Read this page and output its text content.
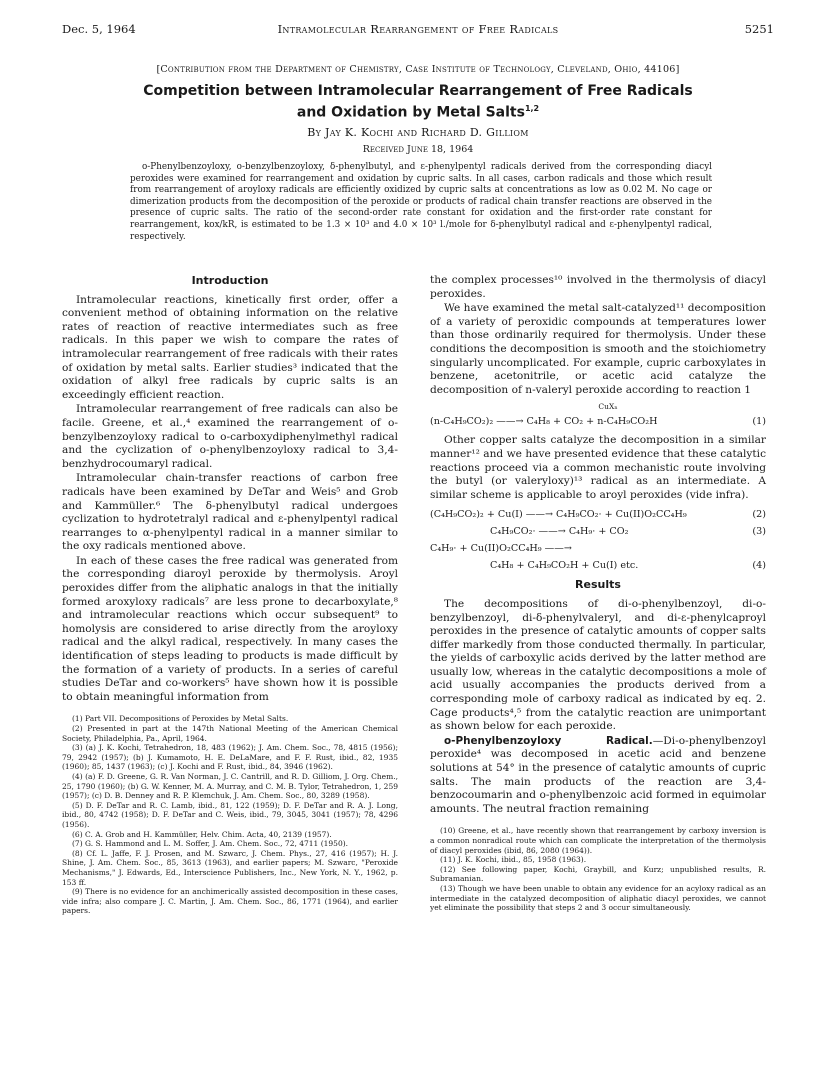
Dec. 5, 1964	Intramolecular Rearrangement of Free Radicals	5251
[Contribution from the Department of Chemistry, Case Institute of Technology, Cleveland, Ohio, 44106]
Competition between Intramolecular Rearrangement of Free Radicals
and Oxidation by Metal Salts$^{1,2}$
By Jay K. Kochi and Richard D. Gilliom
Received June 18, 1964
o-Phenylbenzoyloxy, o-benzylbenzoyloxy, δ-phenylbutyl, and ε-phenylpentyl radicals derived from the corresponding diacyl peroxides were examined for rearrangement and oxidation by cupric salts. In all cases, carbon radicals and those which result from rearrangement of aroyloxy radicals are efficiently oxidized by cupric salts at concentrations as low as 0.02 M. No cage or dimerization products from the decomposition of the peroxide or products of radical chain transfer reactions are observed in the presence of cupric salts. The ratio of the second-order rate constant for oxidation and the first-order rate constant for rearrangement, kox/kR, is estimated to be 1.3 × 10³ and 4.0 × 10³ l./mole for δ-phenylbutyl radical and ε-phenylpentyl radical, respectively.
Introduction
Intramolecular reactions, kinetically first order, offer a convenient method of obtaining information on the relative rates of reaction of reactive intermediates such as free radicals. In this paper we wish to compare the rates of intramolecular rearrangement of free radicals with their rates of oxidation by metal salts. Earlier studies³ indicated that the oxidation of alkyl free radicals by cupric salts is an exceedingly efficient reaction.
Intramolecular rearrangement of free radicals can also be facile. Greene, et al.,⁴ examined the rearrangement of o-benzylbenzoyloxy radical to o-carboxydiphenylmethyl radical and the cyclization of o-phenylbenzoyloxy radical to 3,4-benzhydrocoumaryl radical.
Intramolecular chain-transfer reactions of carbon free radicals have been examined by DeTar and Weis⁵ and Grob and Kammüller.⁶ The δ-phenylbutyl radical undergoes cyclization to hydrotetralyl radical and ε-phenylpentyl radical rearranges to α-phenylpentyl radical in a manner similar to the oxy radicals mentioned above.
In each of these cases the free radical was generated from the corresponding diaroyl peroxide by thermolysis. Aroyl peroxides differ from the aliphatic analogs in that the initially formed aroxyloxy radicals⁷ are less prone to decarboxylate,⁸ and intramolecular reactions which occur subsequent⁹ to homolysis are considered to arise directly from the aroyloxy radical and the alkyl radical, respectively. In many cases the identification of steps leading to products is made difficult by the formation of a variety of products. In a series of careful studies DeTar and co-workers⁵ have shown how it is possible to obtain meaningful information from
(1) Part VII. Decompositions of Peroxides by Metal Salts.
(2) Presented in part at the 147th National Meeting of the American Chemical Society, Philadelphia, Pa., April, 1964.
(3) (a) J. K. Kochi, Tetrahedron, 18, 483 (1962); J. Am. Chem. Soc., 78, 4815 (1956); 79, 2942 (1957); (b) J. Kumamoto, H. E. DeLaMare, and F. F. Rust, ibid., 82, 1935 (1960); 85, 1437 (1963); (c) J. Kochi and F. Rust, ibid., 84, 3946 (1962).
(4) (a) F. D. Greene, G. R. Van Norman, J. C. Cantrill, and R. D. Gilliom, J. Org. Chem., 25, 1790 (1960); (b) G. W. Kenner, M. A. Murray, and C. M. B. Tylor, Tetrahedron, 1, 259 (1957); (c) D. B. Denney and R. P. Klemchuk, J. Am. Chem. Soc., 80, 3289 (1958).
(5) D. F. DeTar and R. C. Lamb, ibid., 81, 122 (1959); D. F. DeTar and R. A. J. Long, ibid., 80, 4742 (1958); D. F. DeTar and C. Weis, ibid., 79, 3045, 3041 (1957); 78, 4296 (1956).
(6) C. A. Grob and H. Kammüller, Helv. Chim. Acta, 40, 2139 (1957).
(7) G. S. Hammond and L. M. Soffer, J. Am. Chem. Soc., 72, 4711 (1950).
(8) Cf. L. Jaffe, F. J. Prosen, and M. Szwarc, J. Chem. Phys., 27, 416 (1957); H. J. Shine, J. Am. Chem. Soc., 85, 3613 (1963), and earlier papers; M. Szwarc, "Peroxide Mechanisms," J. Edwards, Ed., Interscience Publishers, Inc., New York, N. Y., 1962, p. 153 ff.
(9) There is no evidence for an anchimerically assisted decomposition in these cases, vide infra; also compare J. C. Martin, J. Am. Chem. Soc., 86, 1771 (1964), and earlier papers.
the complex processes¹⁰ involved in the thermolysis of diacyl peroxides.
We have examined the metal salt-catalyzed¹¹ decomposition of a variety of peroxidic compounds at temperatures lower than those ordinarily required for thermolysis. Under these conditions the decomposition is smooth and the stoichiometry singularly uncomplicated. For example, cupric carboxylates in benzene, acetonitrile, or acetic acid catalyze the decomposition of n-valeryl peroxide according to reaction 1
CuXₙ
(n-C₄H₉CO₂)₂ ——→ C₄H₈ + CO₂ + n-C₄H₉CO₂H	(1)
Other copper salts catalyze the decomposition in a similar manner¹² and we have presented evidence that these catalytic reactions proceed via a common mechanistic route involving the butyl (or valeryloxy)¹³ radical as an intermediate. A similar scheme is applicable to aroyl peroxides (vide infra).
(C₄H₉CO₂)₂ + Cu(I) ——→ C₄H₉CO₂· + Cu(II)O₂CC₄H₉	(2)
C₄H₉CO₂· ——→ C₄H₉· + CO₂	(3)
C₄H₉· + Cu(II)O₂CC₄H₉ ——→
C₄H₈ + C₄H₉CO₂H + Cu(I) etc.	(4)
Results
The decompositions of di-o-phenylbenzoyl, di-o-benzylbenzoyl, di-δ-phenylvaleryl, and di-ε-phenylcaproyl peroxides in the presence of catalytic amounts of copper salts differ markedly from those conducted thermally. In particular, the yields of carboxylic acids derived by the latter method are usually low, whereas in the catalytic decompositions a mole of acid usually accompanies the products derived from a corresponding mole of carboxy radical as indicated by eq. 2. Cage products⁴,⁵ from the catalytic reaction are unimportant as shown below for each peroxide.
o-Phenylbenzoyloxy Radical.—Di-o-phenylbenzoyl peroxide⁴ was decomposed in acetic acid and benzene solutions at 54° in the presence of catalytic amounts of cupric salts. The main products of the reaction are 3,4-benzocoumarin and o-phenylbenzoic acid formed in equimolar amounts. The neutral fraction remaining
(10) Greene, et al., have recently shown that rearrangement by carboxy inversion is a common nonradical route which can complicate the interpretation of the thermolysis of diacyl peroxides (ibid, 86, 2080 (1964)).
(11) J. K. Kochi, ibid., 85, 1958 (1963).
(12) See following paper, Kochi, Graybill, and Kurz; unpublished results, R. Subramanian.
(13) Though we have been unable to obtain any evidence for an acyloxy radical as an intermediate in the catalyzed decomposition of aliphatic diacyl peroxides, we cannot yet eliminate the possibility that steps 2 and 3 occur simultaneously.
